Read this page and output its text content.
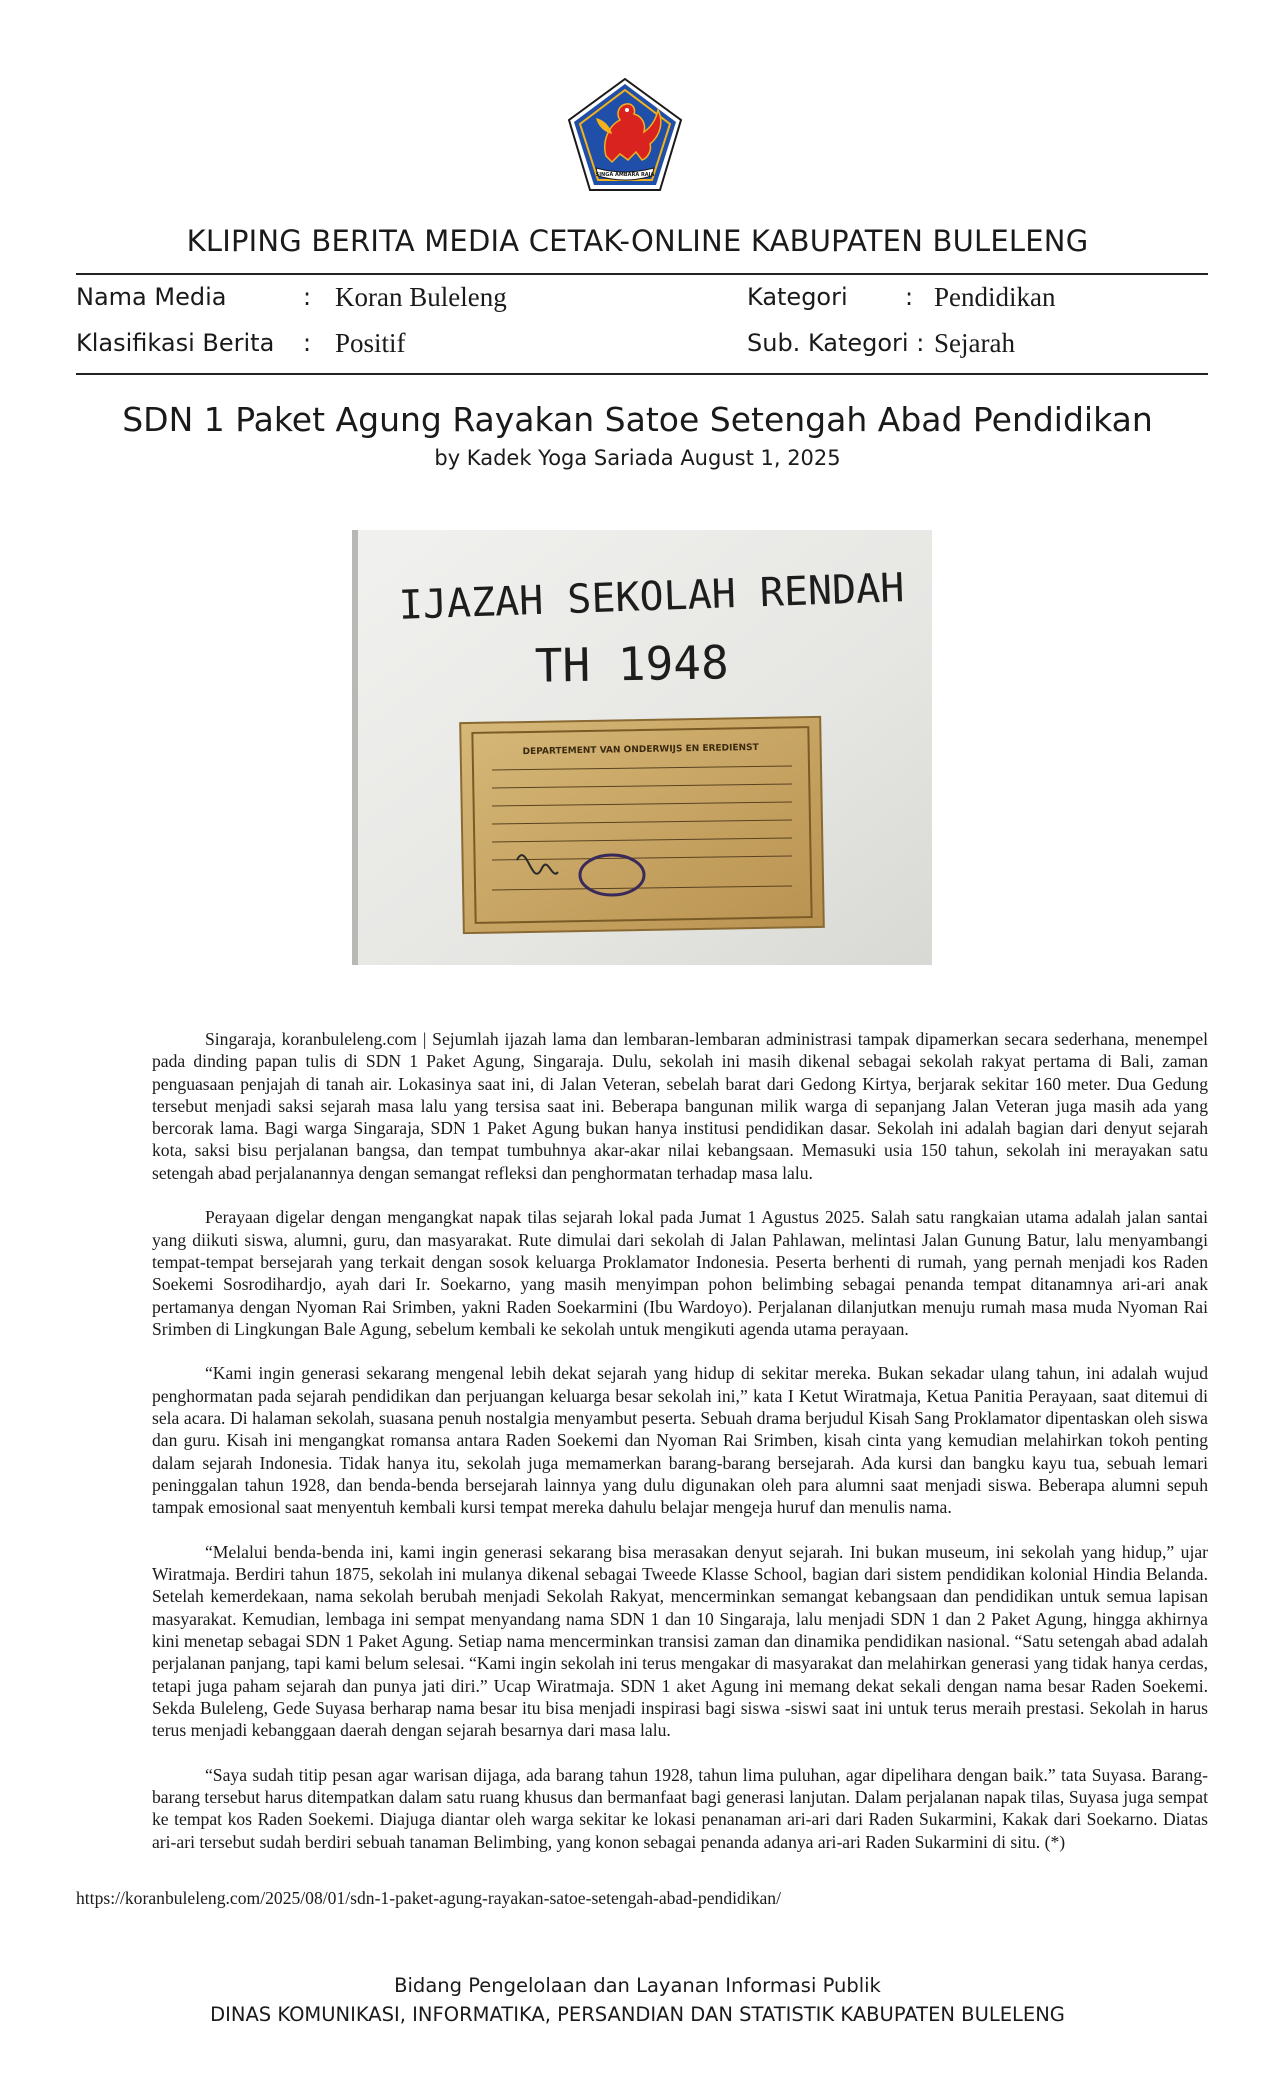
SINGA AMBARA RAJA
KLIPING BERITA MEDIA CETAK-ONLINE KABUPATEN BULELENG
Nama Media	: Koran Buleleng
Klasifikasi Berita : Positif
Kategori : Pendidikan
Sub. Kategori : Sejarah
SDN 1 Paket Agung Rayakan Satoe Setengah Abad Pendidikan
by Kadek Yoga Sariada August 1, 2025
IJAZAH SEKOLAH RENDAH
TH 1948
DEPARTEMENT VAN ONDERWIJS EN EREDIENST

Singaraja, koranbuleleng.com | Sejumlah ijazah lama dan lembaran-lembaran administrasi tampak dipamerkan secara sederhana, menempel pada dinding papan tulis di SDN 1 Paket Agung, Singaraja. Dulu, sekolah ini masih dikenal sebagai sekolah rakyat pertama di Bali, zaman penguasaan penjajah di tanah air. Lokasinya saat ini, di Jalan Veteran, sebelah barat dari Gedong Kirtya, berjarak sekitar 160 meter. Dua Gedung tersebut menjadi saksi sejarah masa lalu yang tersisa saat ini. Beberapa bangunan milik warga di sepanjang Jalan Veteran juga masih ada yang bercorak lama. Bagi warga Singaraja, SDN 1 Paket Agung bukan hanya institusi pendidikan dasar. Sekolah ini adalah bagian dari denyut sejarah kota, saksi bisu perjalanan bangsa, dan tempat tumbuhnya akar-akar nilai kebangsaan. Memasuki usia 150 tahun, sekolah ini merayakan satu setengah abad perjalanannya dengan semangat refleksi dan penghormatan terhadap masa lalu.

Perayaan digelar dengan mengangkat napak tilas sejarah lokal pada Jumat 1 Agustus 2025. Salah satu rangkaian utama adalah jalan santai yang diikuti siswa, alumni, guru, dan masyarakat. Rute dimulai dari sekolah di Jalan Pahlawan, melintasi Jalan Gunung Batur, lalu menyambangi tempat-tempat bersejarah yang terkait dengan sosok keluarga Proklamator Indonesia. Peserta berhenti di rumah, yang pernah menjadi kos Raden Soekemi Sosrodihardjo, ayah dari Ir. Soekarno, yang masih menyimpan pohon belimbing sebagai penanda tempat ditanamnya ari-ari anak pertamanya dengan Nyoman Rai Srimben, yakni Raden Soekarmini (Ibu Wardoyo). Perjalanan dilanjutkan menuju rumah masa muda Nyoman Rai Srimben di Lingkungan Bale Agung, sebelum kembali ke sekolah untuk mengikuti agenda utama perayaan.

“Kami ingin generasi sekarang mengenal lebih dekat sejarah yang hidup di sekitar mereka. Bukan sekadar ulang tahun, ini adalah wujud penghormatan pada sejarah pendidikan dan perjuangan keluarga besar sekolah ini,” kata I Ketut Wiratmaja, Ketua Panitia Perayaan, saat ditemui di sela acara. Di halaman sekolah, suasana penuh nostalgia menyambut peserta. Sebuah drama berjudul Kisah Sang Proklamator dipentaskan oleh siswa dan guru. Kisah ini mengangkat romansa antara Raden Soekemi dan Nyoman Rai Srimben, kisah cinta yang kemudian melahirkan tokoh penting dalam sejarah Indonesia. Tidak hanya itu, sekolah juga memamerkan barang-barang bersejarah. Ada kursi dan bangku kayu tua, sebuah lemari peninggalan tahun 1928, dan benda-benda bersejarah lainnya yang dulu digunakan oleh para alumni saat menjadi siswa. Beberapa alumni sepuh tampak emosional saat menyentuh kembali kursi tempat mereka dahulu belajar mengeja huruf dan menulis nama.

“Melalui benda-benda ini, kami ingin generasi sekarang bisa merasakan denyut sejarah. Ini bukan museum, ini sekolah yang hidup,” ujar Wiratmaja. Berdiri tahun 1875, sekolah ini mulanya dikenal sebagai Tweede Klasse School, bagian dari sistem pendidikan kolonial Hindia Belanda. Setelah kemerdekaan, nama sekolah berubah menjadi Sekolah Rakyat, mencerminkan semangat kebangsaan dan pendidikan untuk semua lapisan masyarakat. Kemudian, lembaga ini sempat menyandang nama SDN 1 dan 10 Singaraja, lalu menjadi SDN 1 dan 2 Paket Agung, hingga akhirnya kini menetap sebagai SDN 1 Paket Agung. Setiap nama mencerminkan transisi zaman dan dinamika pendidikan nasional. “Satu setengah abad adalah perjalanan panjang, tapi kami belum selesai. “Kami ingin sekolah ini terus mengakar di masyarakat dan melahirkan generasi yang tidak hanya cerdas, tetapi juga paham sejarah dan punya jati diri.” Ucap Wiratmaja. SDN 1 aket Agung ini memang dekat sekali dengan nama besar Raden Soekemi. Sekda Buleleng, Gede Suyasa berharap nama besar itu bisa menjadi inspirasi bagi siswa -siswi saat ini untuk terus meraih prestasi. Sekolah in harus terus menjadi kebanggaan daerah dengan sejarah besarnya dari masa lalu.

“Saya sudah titip pesan agar warisan dijaga, ada barang tahun 1928, tahun lima puluhan, agar dipelihara dengan baik.” tata Suyasa. Barang-barang tersebut harus ditempatkan dalam satu ruang khusus dan bermanfaat bagi generasi lanjutan. Dalam perjalanan napak tilas, Suyasa juga sempat ke tempat kos Raden Soekemi. Diajuga diantar oleh warga sekitar ke lokasi penanaman ari-ari dari Raden Sukarmini, Kakak dari Soekarno. Diatas ari-ari tersebut sudah berdiri sebuah tanaman Belimbing, yang konon sebagai penanda adanya ari-ari Raden Sukarmini di situ. (*)

https://koranbuleleng.com/2025/08/01/sdn-1-paket-agung-rayakan-satoe-setengah-abad-pendidikan/
Bidang Pengelolaan dan Layanan Informasi Publik
DINAS KOMUNIKASI, INFORMATIKA, PERSANDIAN DAN STATISTIK KABUPATEN BULELENG
